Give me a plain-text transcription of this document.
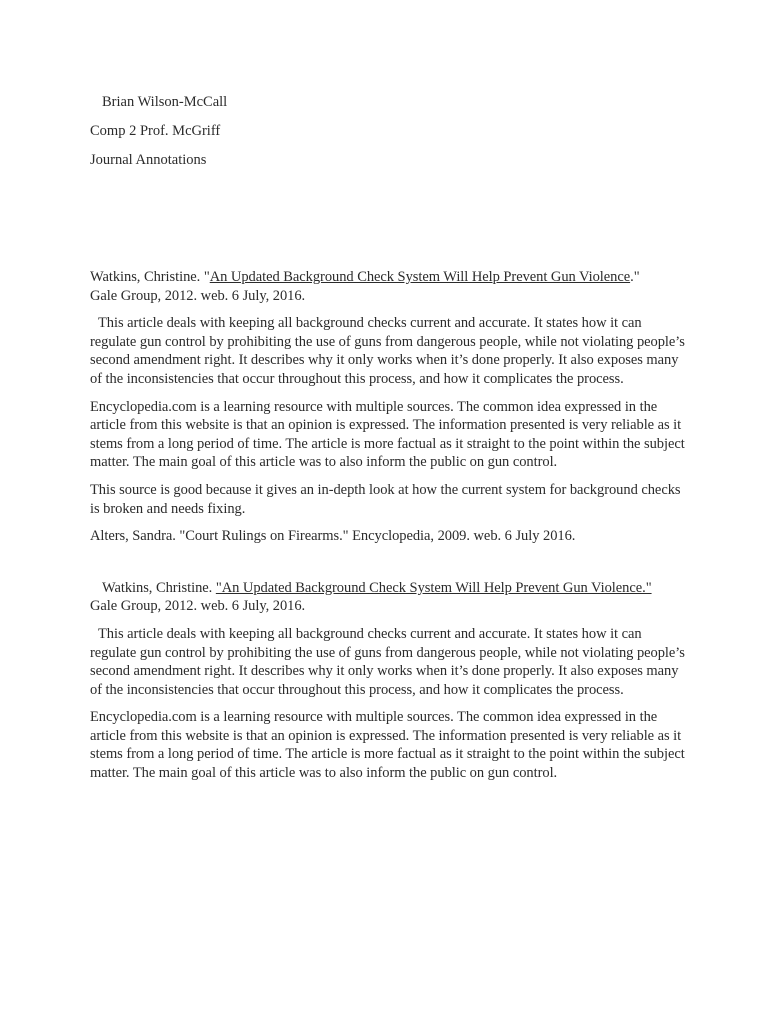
Brian Wilson-McCall
Comp 2 Prof. McGriff
Journal Annotations

Watkins, Christine. "An Updated Background Check System Will Help Prevent Gun Violence."
Gale Group, 2012. web. 6 July, 2016.

This article deals with keeping all background checks current and accurate. It states how it can regulate gun control by prohibiting the use of guns from dangerous people, while not violating people’s second amendment right. It describes why it only works when it’s done properly. It also exposes many of the inconsistencies that occur throughout this process, and how it complicates the process.

Encyclopedia.com is a learning resource with multiple sources. The common idea expressed in the article from this website is that an opinion is expressed. The information presented is very reliable as it stems from a long period of time. The article is more factual as it straight to the point within the subject matter. The main goal of this article was to also inform the public on gun control.

This source is good because it gives an in-depth look at how the current system for background checks is broken and needs fixing.

Alters, Sandra. "Court Rulings on Firearms." Encyclopedia, 2009. web. 6 July 2016.

Watkins, Christine. "An Updated Background Check System Will Help Prevent Gun Violence."
Gale Group, 2012. web. 6 July, 2016.

This article deals with keeping all background checks current and accurate. It states how it can regulate gun control by prohibiting the use of guns from dangerous people, while not violating people’s second amendment right. It describes why it only works when it’s done properly. It also exposes many of the inconsistencies that occur throughout this process, and how it complicates the process.

Encyclopedia.com is a learning resource with multiple sources. The common idea expressed in the article from this website is that an opinion is expressed. The information presented is very reliable as it stems from a long period of time. The article is more factual as it straight to the point within the subject matter. The main goal of this article was to also inform the public on gun control.
